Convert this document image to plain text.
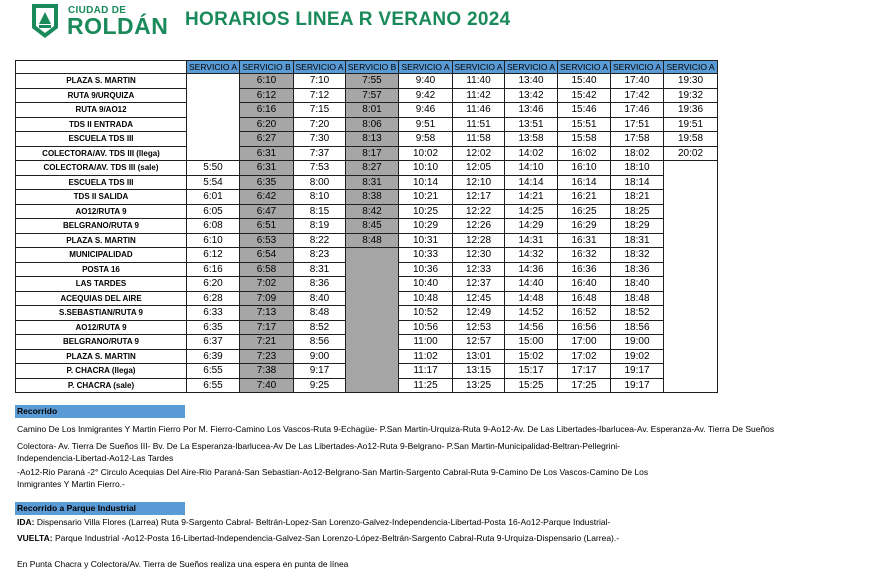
CIUDAD DE
ROLDÁN HORARIOS LINEA R VERANO 2024
	SERVICIO A	SERVICIO B	SERVICIO A	SERVICIO B	SERVICIO A	SERVICIO A	SERVICIO A	SERVICIO A	SERVICIO A	SERVICIO A
PLAZA S. MARTIN		6:10	7:10	7:55	9:40	11:40	13:40	15:40	17:40	19:30
RUTA 9/URQUIZA		6:12	7:12	7:57	9:42	11:42	13:42	15:42	17:42	19:32
RUTA 9/AO12		6:16	7:15	8:01	9:46	11:46	13:46	15:46	17:46	19:36
TDS II ENTRADA		6:20	7:20	8:06	9:51	11:51	13:51	15:51	17:51	19:51
ESCUELA TDS III		6:27	7:30	8:13	9:58	11:58	13:58	15:58	17:58	19:58
COLECTORA/AV. TDS III (llega)		6:31	7:37	8:17	10:02	12:02	14:02	16:02	18:02	20:02
COLECTORA/AV. TDS III (sale)	5:50	6:31	7:53	8:27	10:10	12:05	14:10	16:10	18:10	
ESCUELA TDS III	5:54	6:35	8:00	8:31	10:14	12:10	14:14	16:14	18:14	
TDS II SALIDA	6:01	6:42	8:10	8:38	10:21	12:17	14:21	16:21	18:21	
AO12/RUTA 9	6:05	6:47	8:15	8:42	10:25	12:22	14:25	16:25	18:25	
BELGRANO/RUTA 9	6:08	6:51	8:19	8:45	10:29	12:26	14:29	16:29	18:29	
PLAZA S. MARTIN	6:10	6:53	8:22	8:48	10:31	12:28	14:31	16:31	18:31	
MUNICIPALIDAD	6:12	6:54	8:23		10:33	12:30	14:32	16:32	18:32	
POSTA 16	6:16	6:58	8:31		10:36	12:33	14:36	16:36	18:36	
LAS TARDES	6:20	7:02	8:36		10:40	12:37	14:40	16:40	18:40	
ACEQUIAS DEL AIRE	6:28	7:09	8:40		10:48	12:45	14:48	16:48	18:48	
S.SEBASTIAN/RUTA 9	6:33	7:13	8:48		10:52	12:49	14:52	16:52	18:52	
AO12/RUTA 9	6:35	7:17	8:52		10:56	12:53	14:56	16:56	18:56	
BELGRANO/RUTA 9	6:37	7:21	8:56		11:00	12:57	15:00	17:00	19:00	
PLAZA S. MARTIN	6:39	7:23	9:00		11:02	13:01	15:02	17:02	19:02	
P. CHACRA (llega)	6:55	7:38	9:17		11:17	13:15	15:17	17:17	19:17	
P. CHACRA (sale)	6:55	7:40	9:25		11:25	13:25	15:25	17:25	19:17	
Recorrido
Camino De Los Inmigrantes Y Martin Fierro Por M. Fierro-Camino Los Vascos-Ruta 9-Echagüe- P.San Martin-Urquiza-Ruta 9-Ao12-Av. De Las Libertades-Ibarlucea-Av. Esperanza-Av. Tierra De Sueños
Colectora- Av. Tierra De Sueños III- Bv. De La Esperanza-Ibarlucea-Av De Las Libertades-Ao12-Ruta 9-Belgrano- P.San Martin-Municipalidad-Beltran-Pellegrini-
Independencia-Libertad-Ao12-Las Tardes
-Ao12-Rio Paraná -2° Circulo Acequias Del Aire-Rio Paraná-San Sebastian-Ao12-Belgrano-San Martin-Sargento Cabral-Ruta 9-Camino De Los Vascos-Camino De Los
Inmigrantes Y Martin Fierro.-
Recorrido a Parque Industrial
IDA: Dispensario Villa Flores (Larrea) Ruta 9-Sargento Cabral- Beltrán-Lopez-San Lorenzo-Galvez-Independencia-Libertad-Posta 16-Ao12-Parque Industrial-
VUELTA: Parque Industrial -Ao12-Posta 16-Libertad-Independencia-Galvez-San Lorenzo-López-Beltrán-Sargento Cabral-Ruta 9-Urquiza-Dispensario (Larrea).-
En Punta Chacra y Colectora/Av. Tierra de Sueños realiza una espera en punta de línea
